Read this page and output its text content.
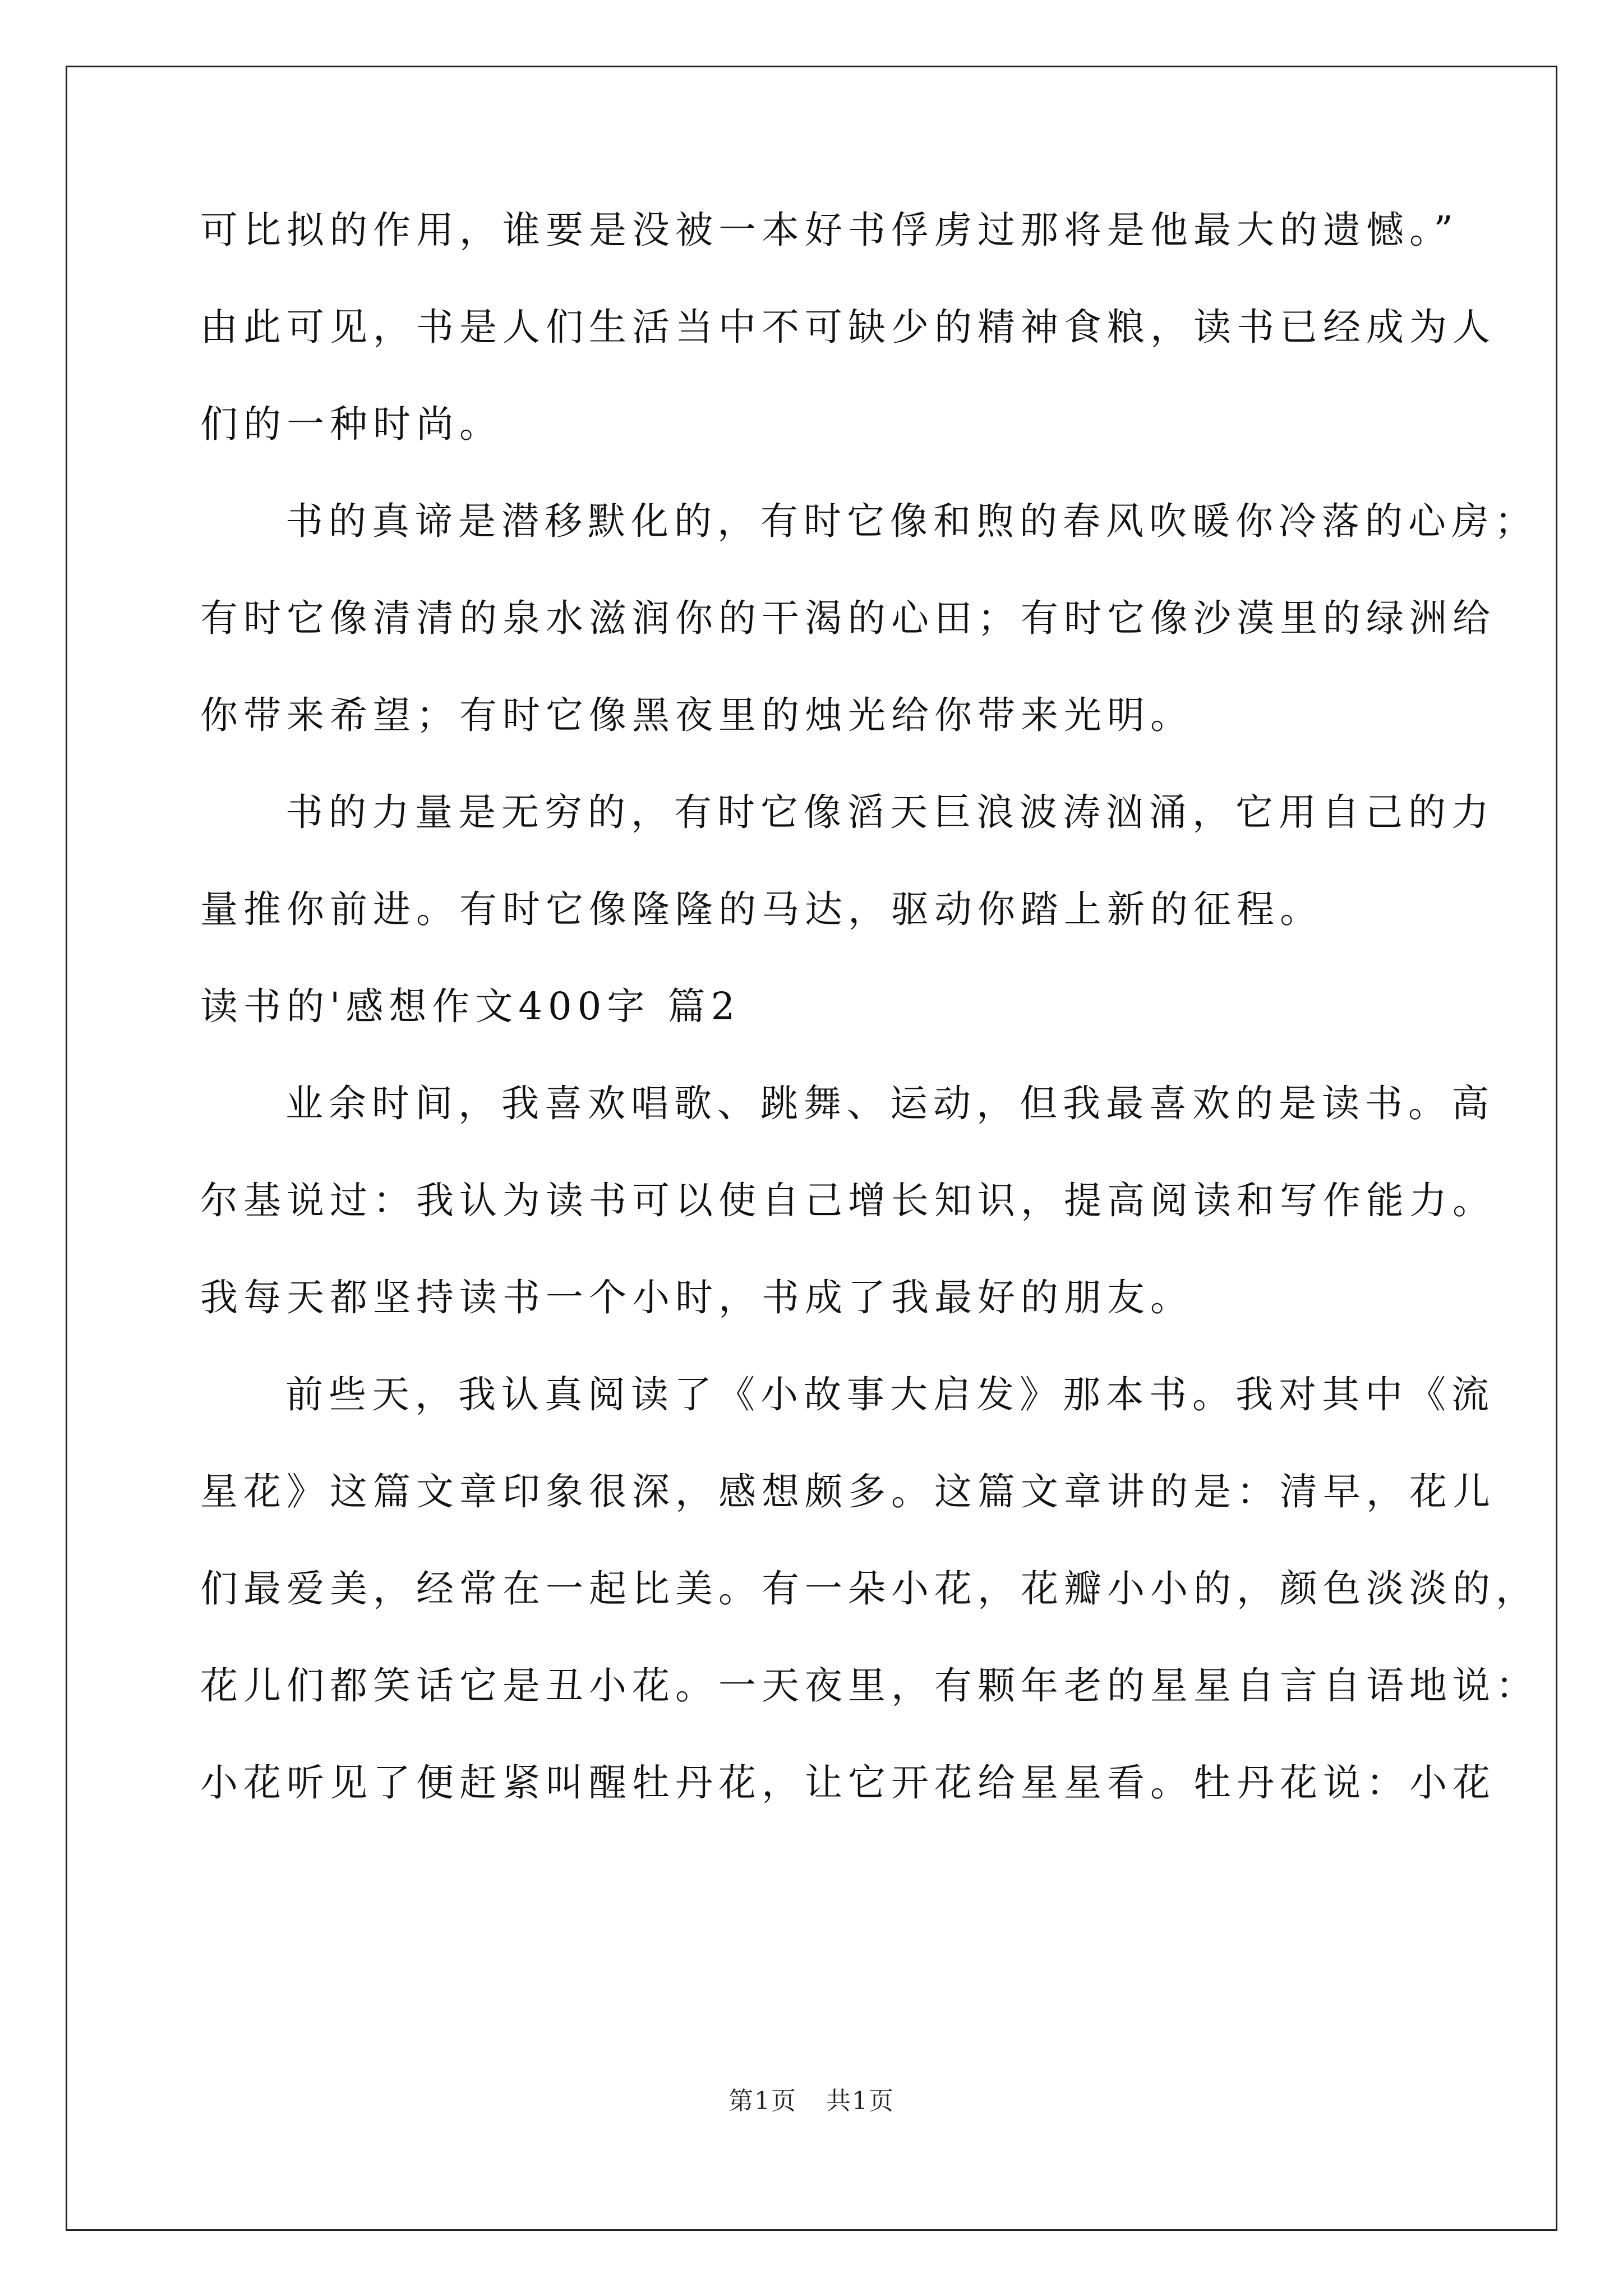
可比拟的作用，谁要是没被一本好书俘虏过那将是他最大的遗憾。”
由此可见，书是人们生活当中不可缺少的精神食粮，读书已经成为人
们的一种时尚。
书的真谛是潜移默化的，有时它像和煦的春风吹暖你冷落的心房；
有时它像清清的泉水滋润你的干渴的心田；有时它像沙漠里的绿洲给
你带来希望；有时它像黑夜里的烛光给你带来光明。
书的力量是无穷的，有时它像滔天巨浪波涛汹涌，它用自己的力
量推你前进。有时它像隆隆的马达，驱动你踏上新的征程。
读书的'感想作文400字 篇2
业余时间，我喜欢唱歌、跳舞、运动，但我最喜欢的是读书。高
尔基说过：我认为读书可以使自己增长知识，提高阅读和写作能力。
我每天都坚持读书一个小时，书成了我最好的朋友。
前些天，我认真阅读了《小故事大启发》那本书。我对其中《流
星花》这篇文章印象很深，感想颇多。这篇文章讲的是：清早，花儿
们最爱美，经常在一起比美。有一朵小花，花瓣小小的，颜色淡淡的，
花儿们都笑话它是丑小花。一天夜里，有颗年老的星星自言自语地说：
小花听见了便赶紧叫醒牡丹花，让它开花给星星看。牡丹花说：小花
第1页 共1页
